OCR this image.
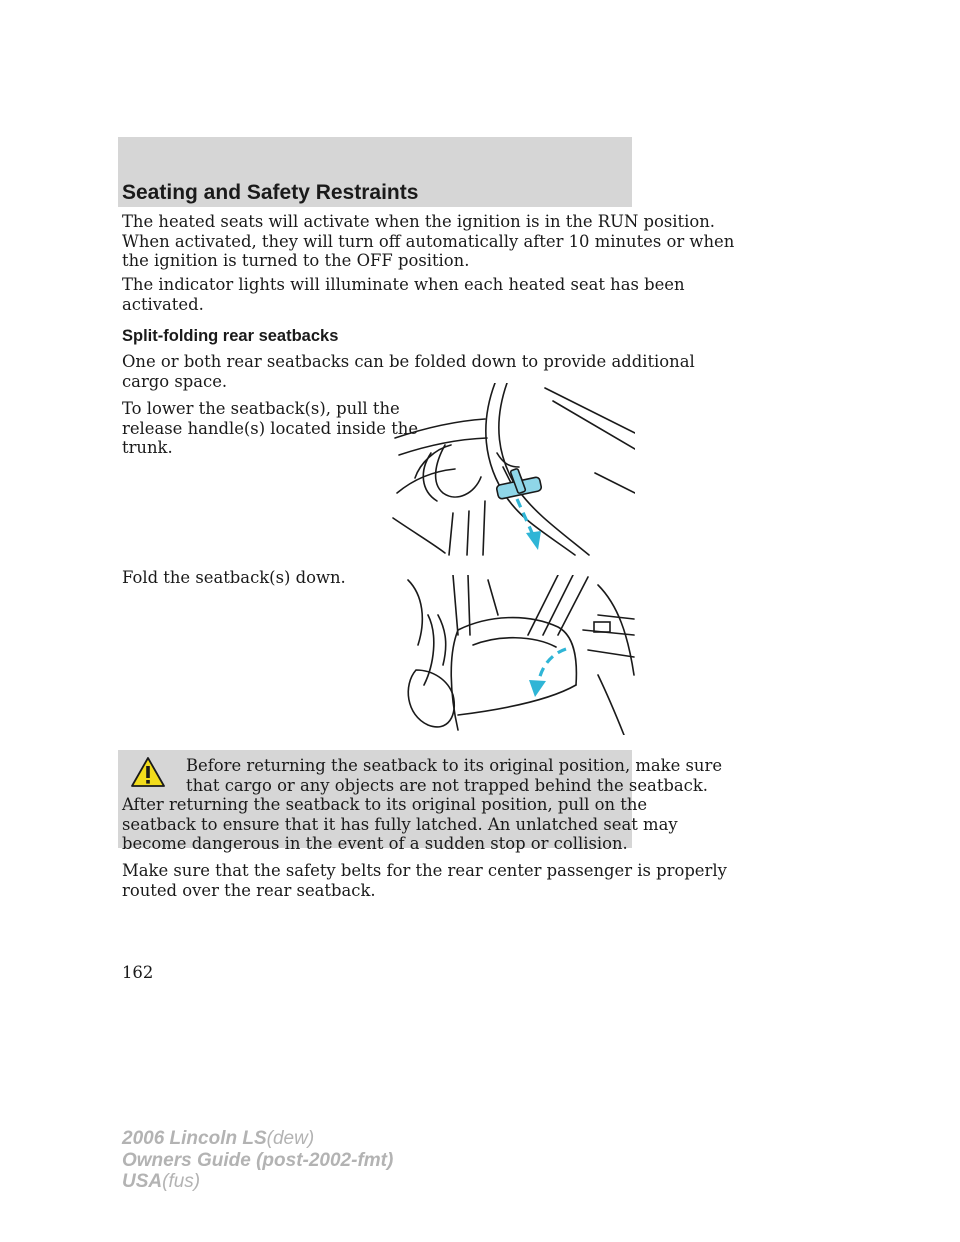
Seating and Safety Restraints

The heated seats will activate when the ignition is in the RUN position.
When activated, they will turn off automatically after 10 minutes or when
the ignition is turned to the OFF position.

The indicator lights will illuminate when each heated seat has been
activated.

Split-folding rear seatbacks

One or both rear seatbacks can be folded down to provide additional
cargo space.

To lower the seatback(s), pull the
release handle(s) located inside the
trunk.

Fold the seatback(s) down.
Before returning the seatback to its original position, make sure
that cargo or any objects are not trapped behind the seatback.
After returning the seatback to its original position, pull on the
seatback to ensure that it has fully latched. An unlatched seat may
become dangerous in the event of a sudden stop or collision.

Make sure that the safety belts for the rear center passenger is properly
routed over the rear seatback.

162
2006 Lincoln LS(dew)
Owners Guide (post-2002-fmt)
USA(fus)
